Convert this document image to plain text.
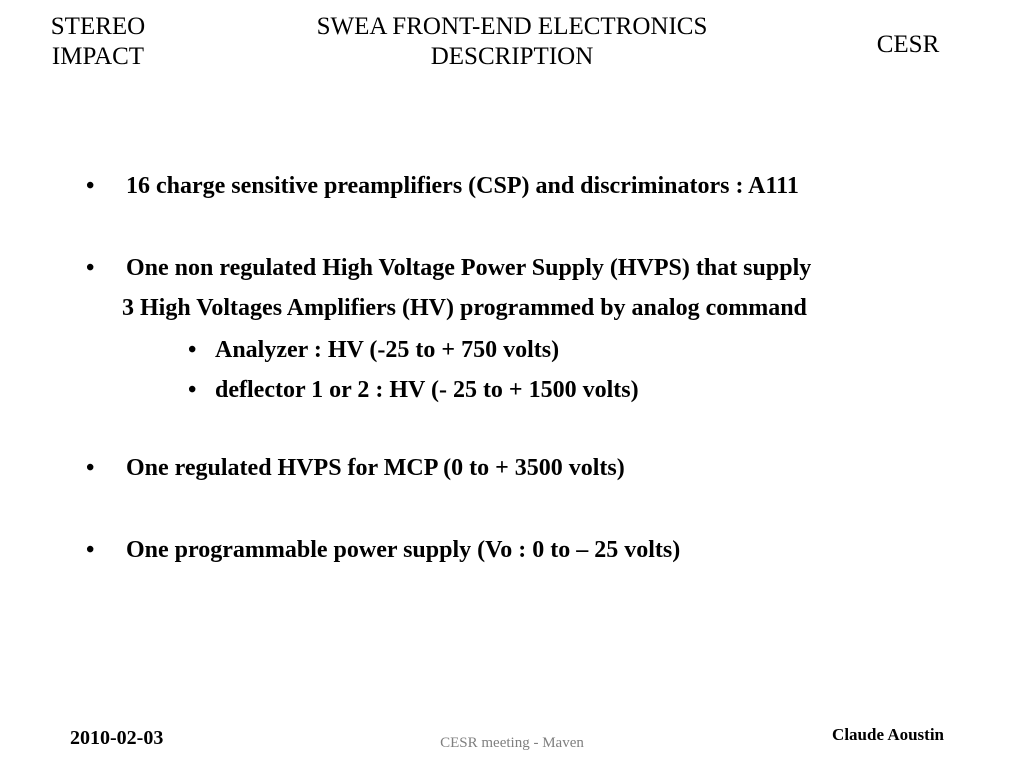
STEREO
IMPACT
SWEA FRONT-END ELECTRONICS
DESCRIPTION	CESR
• 16 charge sensitive preamplifiers (CSP) and discriminators : A111
• One non regulated High Voltage Power Supply (HVPS) that supply
3 High Voltages Amplifiers (HV) programmed by analog command
• Analyzer : HV (-25 to + 750 volts)
• deflector 1 or 2 : HV (- 25 to + 1500 volts)
• One regulated HVPS for MCP (0 to + 3500 volts)
• One programmable power supply (Vo : 0 to – 25 volts)
2010-02-03	CESR meeting - Maven	Claude Aoustin
